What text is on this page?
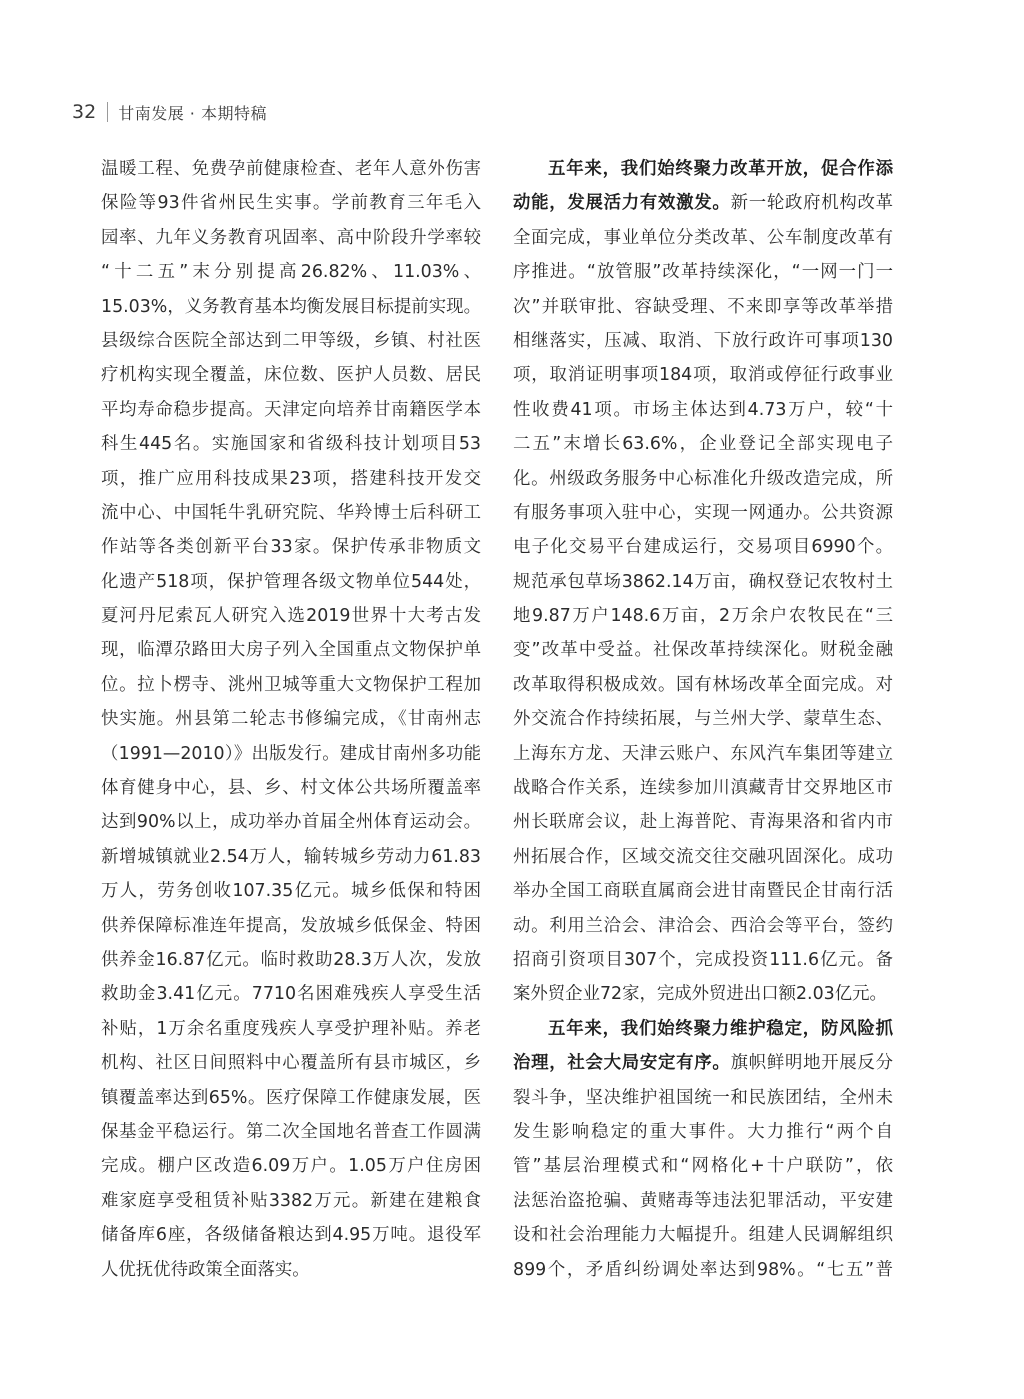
32 甘南发展 · 本期特稿
温暖工程、免费孕前健康检查、老年人意外伤害
保险等93件省州民生实事。学前教育三年毛入
园率、九年义务教育巩固率、高中阶段升学率较
“十二五”末分别提高26.82%、11.03%、
15.03%，义务教育基本均衡发展目标提前实现。
县级综合医院全部达到二甲等级，乡镇、村社医
疗机构实现全覆盖，床位数、医护人员数、居民
平均寿命稳步提高。天津定向培养甘南籍医学本
科生445名。实施国家和省级科技计划项目53
项，推广应用科技成果23项，搭建科技开发交
流中心、中国牦牛乳研究院、华羚博士后科研工
作站等各类创新平台33家。保护传承非物质文
化遗产518项，保护管理各级文物单位544处，
夏河丹尼索瓦人研究入选2019世界十大考古发
现，临潭尕路田大房子列入全国重点文物保护单
位。拉卜楞寺、洮州卫城等重大文物保护工程加
快实施。州县第二轮志书修编完成，《甘南州志
（1991—2010）》出版发行。建成甘南州多功能
体育健身中心，县、乡、村文体公共场所覆盖率
达到90%以上，成功举办首届全州体育运动会。
新增城镇就业2.54万人，输转城乡劳动力61.83
万人，劳务创收107.35亿元。城乡低保和特困
供养保障标准连年提高，发放城乡低保金、特困
供养金16.87亿元。临时救助28.3万人次，发放
救助金3.41亿元。7710名困难残疾人享受生活
补贴，1万余名重度残疾人享受护理补贴。养老
机构、社区日间照料中心覆盖所有县市城区，乡
镇覆盖率达到65%。医疗保障工作健康发展，医
保基金平稳运行。第二次全国地名普查工作圆满
完成。棚户区改造6.09万户。1.05万户住房困
难家庭享受租赁补贴3382万元。新建在建粮食
储备库6座，各级储备粮达到4.95万吨。退役军
人优抚优待政策全面落实。
五年来，我们始终聚力改革开放，促合作添
动能，发展活力有效激发。新一轮政府机构改革
全面完成，事业单位分类改革、公车制度改革有
序推进。“放管服”改革持续深化，“一网一门一
次”并联审批、容缺受理、不来即享等改革举措
相继落实，压减、取消、下放行政许可事项130
项，取消证明事项184项，取消或停征行政事业
性收费41项。市场主体达到4.73万户，较“十
二五”末增长63.6%，企业登记全部实现电子
化。州级政务服务中心标准化升级改造完成，所
有服务事项入驻中心，实现一网通办。公共资源
电子化交易平台建成运行，交易项目6990个。
规范承包草场3862.14万亩，确权登记农牧村土
地9.87万户148.6万亩，2万余户农牧民在“三
变”改革中受益。社保改革持续深化。财税金融
改革取得积极成效。国有林场改革全面完成。对
外交流合作持续拓展，与兰州大学、蒙草生态、
上海东方龙、天津云账户、东风汽车集团等建立
战略合作关系，连续参加川滇藏青甘交界地区市
州长联席会议，赴上海普陀、青海果洛和省内市
州拓展合作，区域交流交往交融巩固深化。成功
举办全国工商联直属商会进甘南暨民企甘南行活
动。利用兰洽会、津洽会、西洽会等平台，签约
招商引资项目307个，完成投资111.6亿元。备
案外贸企业72家，完成外贸进出口额2.03亿元。
五年来，我们始终聚力维护稳定，防风险抓
治理，社会大局安定有序。旗帜鲜明地开展反分
裂斗争，坚决维护祖国统一和民族团结，全州未
发生影响稳定的重大事件。大力推行“两个自
管”基层治理模式和“网格化+十户联防”，依
法惩治盗抢骗、黄赌毒等违法犯罪活动，平安建
设和社会治理能力大幅提升。组建人民调解组织
899个，矛盾纠纷调处率达到98%。“七五”普
